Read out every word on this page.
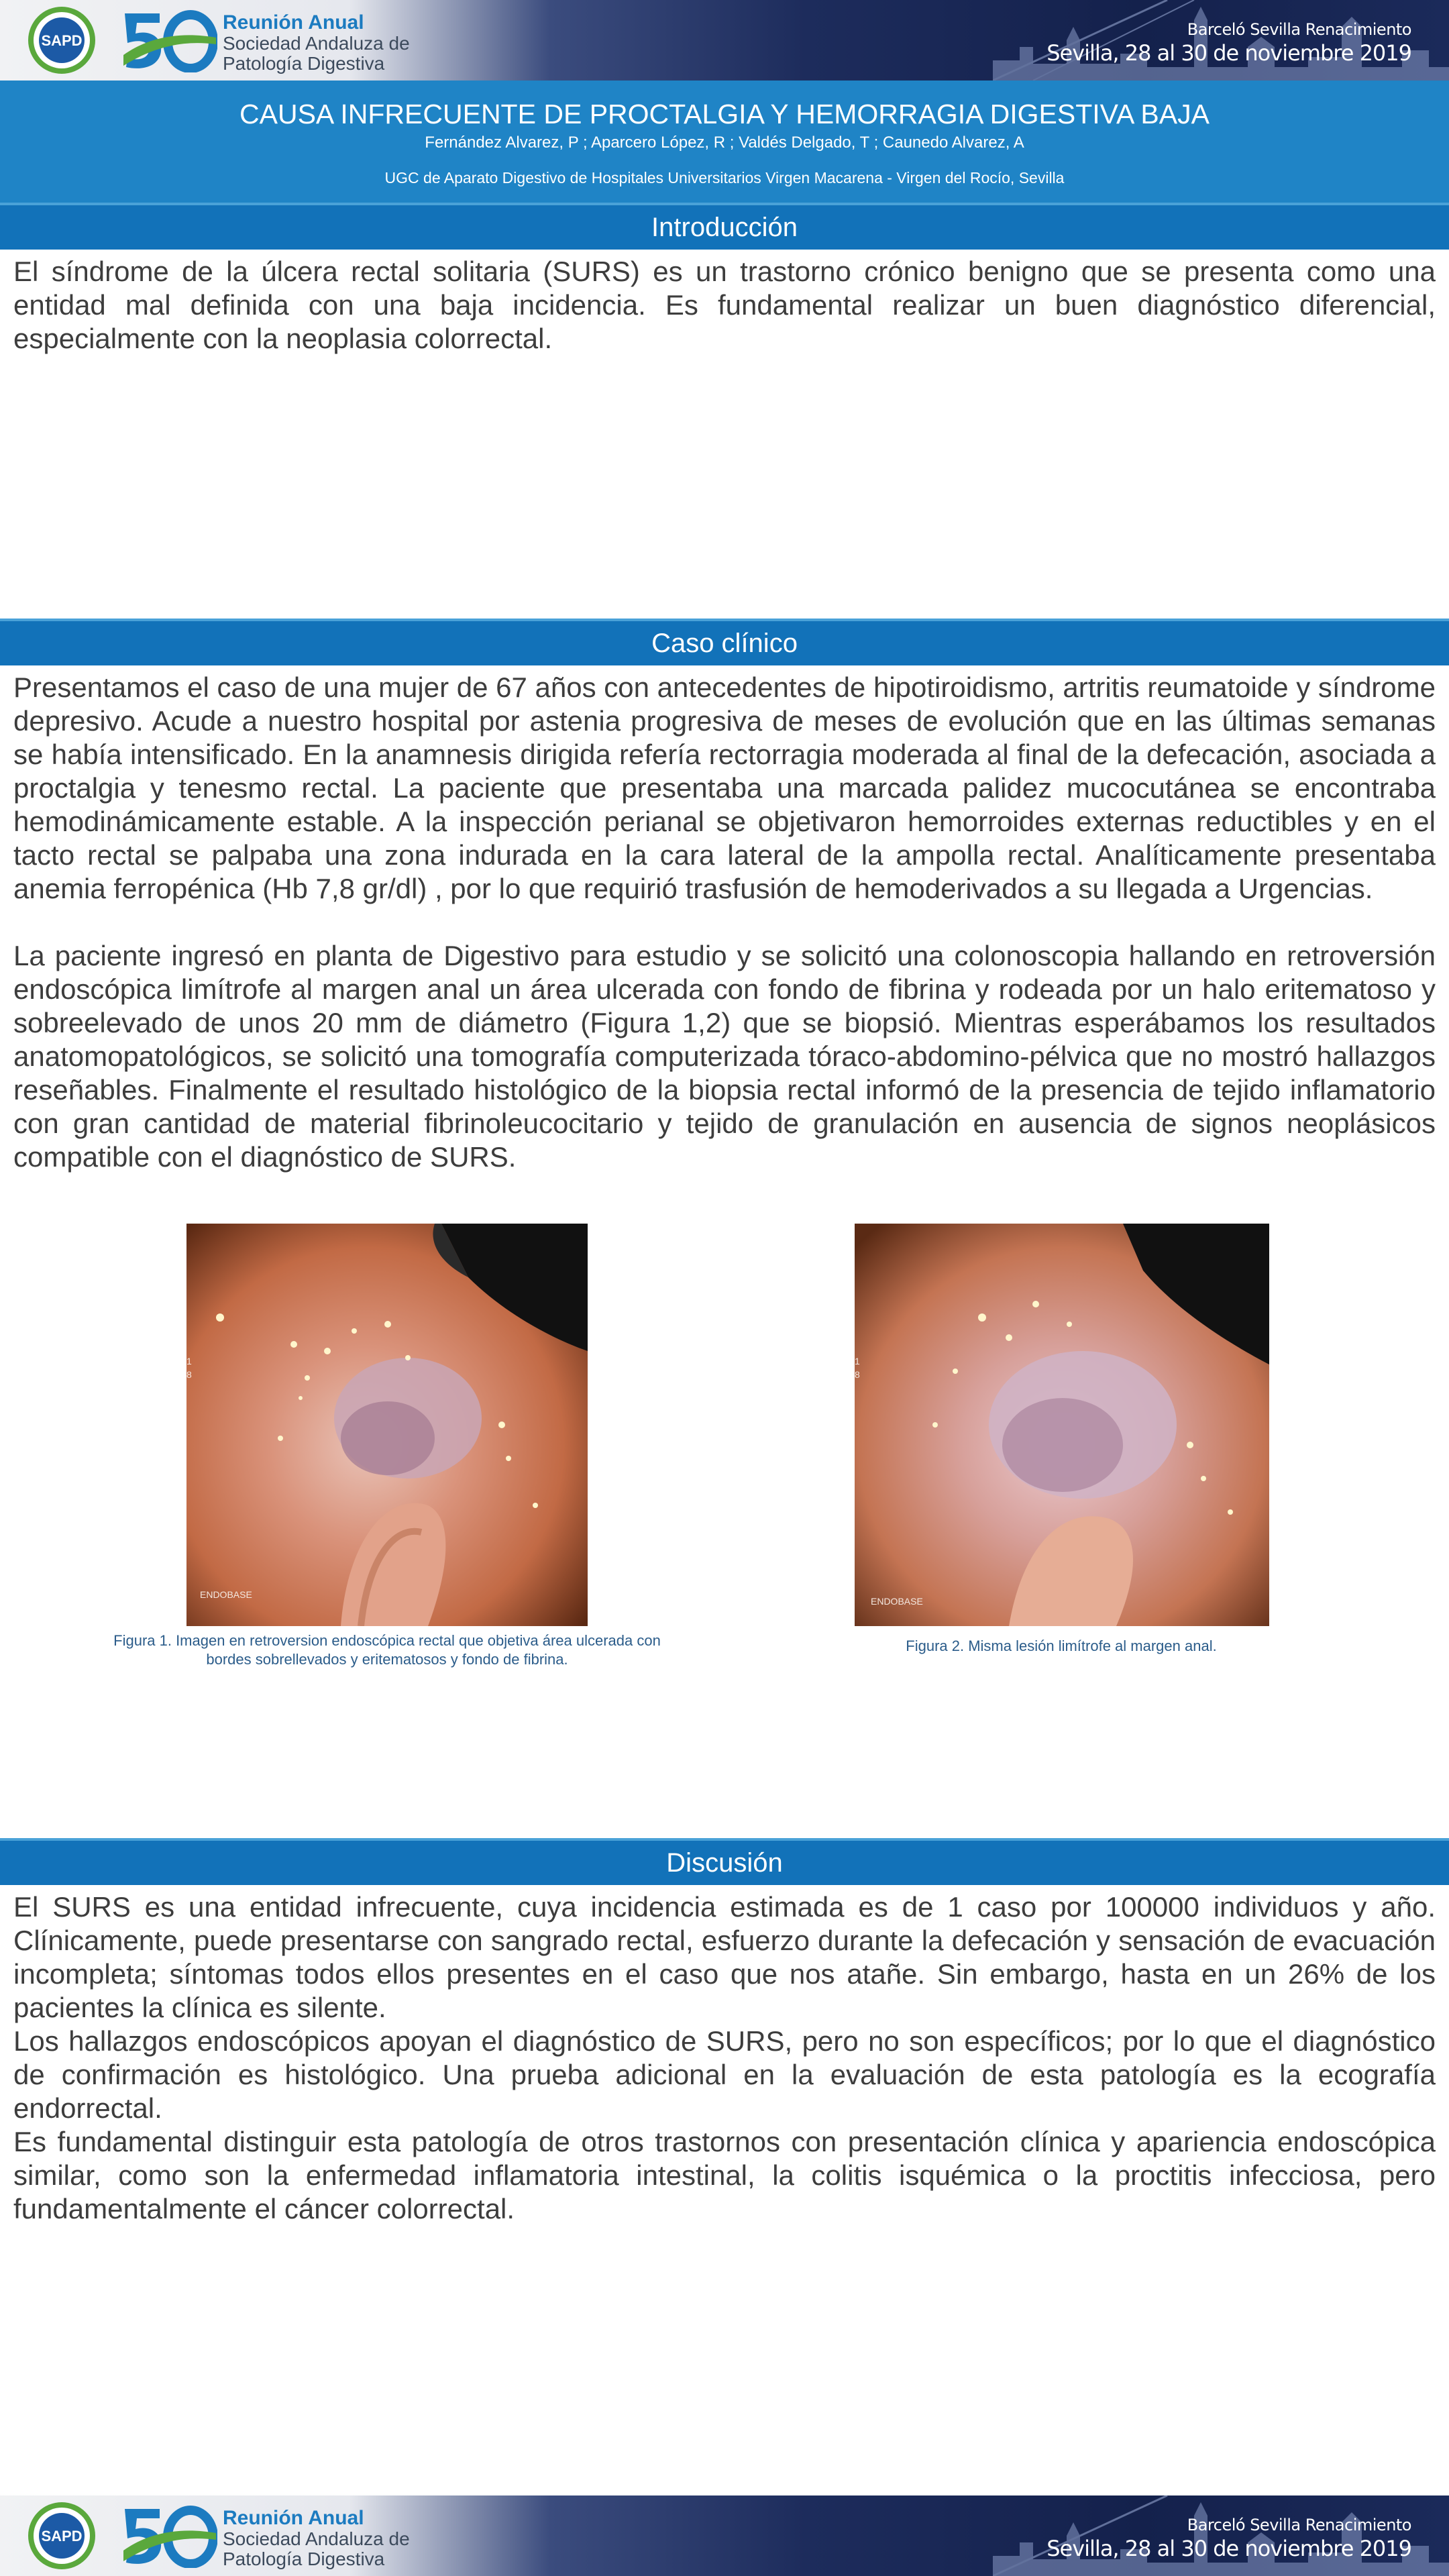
SAPD
Reunión Anual
Sociedad Andaluza de
Patología Digestiva
Barceló Sevilla Renacimiento
Sevilla, 28 al 30 de noviembre 2019
CAUSA INFRECUENTE DE PROCTALGIA Y HEMORRAGIA DIGESTIVA BAJA
Fernández Alvarez, P ; Aparcero López, R ; Valdés Delgado, T ; Caunedo Alvarez, A
UGC de Aparato Digestivo de Hospitales Universitarios Virgen Macarena - Virgen del Rocío, Sevilla
Introducción

El síndrome de la úlcera rectal solitaria (SURS) es un trastorno crónico benigno que se presenta como una entidad mal definida con una baja incidencia. Es fundamental realizar un buen diagnóstico diferencial, especialmente con la neoplasia colorrectal.

Caso clínico

Presentamos el caso de una mujer de 67 años con antecedentes de hipotiroidismo, artritis reumatoide y síndrome depresivo. Acude a nuestro hospital por astenia progresiva de meses de evolución que en las últimas semanas se había intensificado. En la anamnesis dirigida refería rectorragia moderada al final de la defecación, asociada a proctalgia y tenesmo rectal. La paciente que presentaba una marcada palidez mucocutánea se encontraba hemodinámicamente estable. A la inspección perianal se objetivaron hemorroides externas reductibles y en el tacto rectal se palpaba una zona indurada en la cara lateral de la ampolla rectal. Analíticamente presentaba anemia ferropénica (Hb 7,8 gr/dl) , por lo que requirió trasfusión de hemoderivados a su llegada a Urgencias.

La paciente ingresó en planta de Digestivo para estudio y se solicitó una colonoscopia hallando en retroversión endoscópica limítrofe al margen anal un área ulcerada con fondo de fibrina y rodeada por un halo eritematoso y sobreelevado de unos 20 mm de diámetro (Figura 1,2) que se biopsió. Mientras esperábamos los resultados anatomopatológicos, se solicitó una tomografía computerizada tóraco-abdomino-pélvica que no mostró hallazgos reseñables. Finalmente el resultado histológico de la biopsia rectal informó de la presencia de tejido inflamatorio con gran cantidad de material fibrinoleucocitario y tejido de granulación en ausencia de signos neoplásicos compatible con el diagnóstico de SURS.

ENDOBASE
1
8
Figura 1. Imagen en retroversion endoscópica rectal que objetiva área ulcerada con bordes sobrellevados y eritematosos y fondo de fibrina.
ENDOBASE
1
8
Figura 2. Misma lesión limítrofe al margen anal.
Discusión

El SURS es una entidad infrecuente, cuya incidencia estimada es de 1 caso por 100000 individuos y año. Clínicamente, puede presentarse con sangrado rectal, esfuerzo durante la defecación y sensación de evacuación incompleta; síntomas todos ellos presentes en el caso que nos atañe. Sin embargo, hasta en un 26% de los pacientes la clínica es silente.

Los hallazgos endoscópicos apoyan el diagnóstico de SURS, pero no son específicos; por lo que el diagnóstico de confirmación es histológico. Una prueba adicional en la evaluación de esta patología es la ecografía endorrectal.

Es fundamental distinguir esta patología de otros trastornos con presentación clínica y apariencia endoscópica similar, como son la enfermedad inflamatoria intestinal, la colitis isquémica o la proctitis infecciosa, pero fundamentalmente el cáncer colorrectal.

SAPD
Reunión Anual
Sociedad Andaluza de
Patología Digestiva
Barceló Sevilla Renacimiento
Sevilla, 28 al 30 de noviembre 2019
